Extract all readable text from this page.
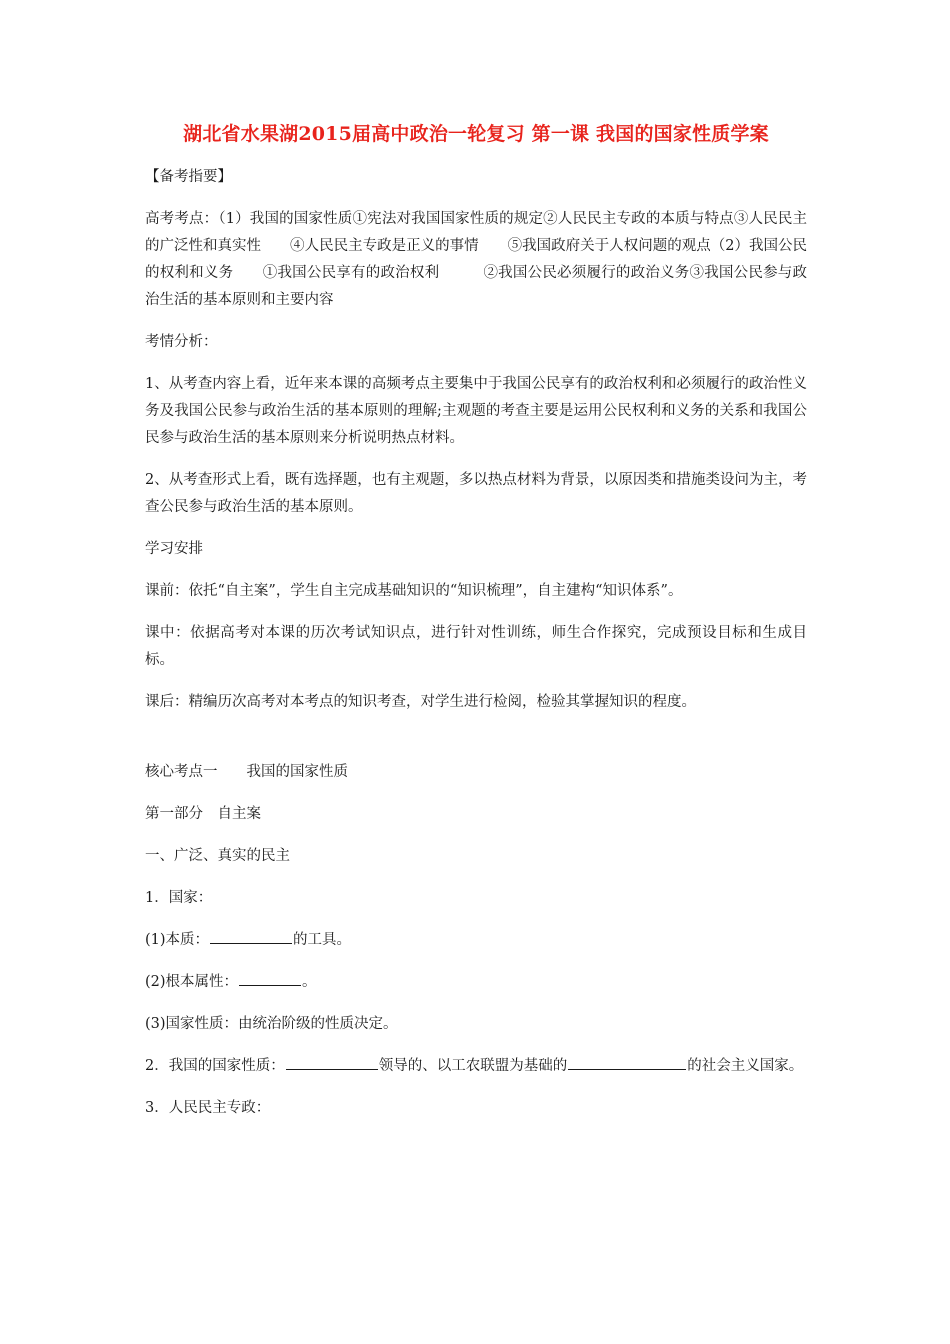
湖北省水果湖2015届高中政治一轮复习 第一课 我国的国家性质学案

【备考指要】

高考考点：（1）我国的国家性质①宪法对我国国家性质的规定②人民民主专政的本质与特点③人民民主的广泛性和真实性　　④人民民主专政是正义的事情　　⑤我国政府关于人权问题的观点（2）我国公民的权利和义务　　①我国公民享有的政治权利　　　②我国公民必须履行的政治义务③我国公民参与政治生活的基本原则和主要内容

考情分析：

1、从考查内容上看，近年来本课的高频考点主要集中于我国公民享有的政治权利和必须履行的政治性义务及我国公民参与政治生活的基本原则的理解;主观题的考查主要是运用公民权利和义务的关系和我国公民参与政治生活的基本原则来分析说明热点材料。

2、从考查形式上看，既有选择题，也有主观题，多以热点材料为背景，以原因类和措施类设问为主，考查公民参与政治生活的基本原则。

学习安排

课前：依托“自主案”，学生自主完成基础知识的“知识梳理”，自主建构“知识体系”。

课中：依据高考对本课的历次考试知识点，进行针对性训练，师生合作探究，完成预设目标和生成目标。

课后：精编历次高考对本考点的知识考查，对学生进行检阅，检验其掌握知识的程度。

核心考点一　　我国的国家性质

第一部分　自主案

一、广泛、真实的民主

1．国家：

(1)本质：	的工具。

(2)根本属性：	。

(3)国家性质：由统治阶级的性质决定。

2．我国的国家性质：	领导的、以工农联盟为基础的	的社会主义国家。

3．人民民主专政：
